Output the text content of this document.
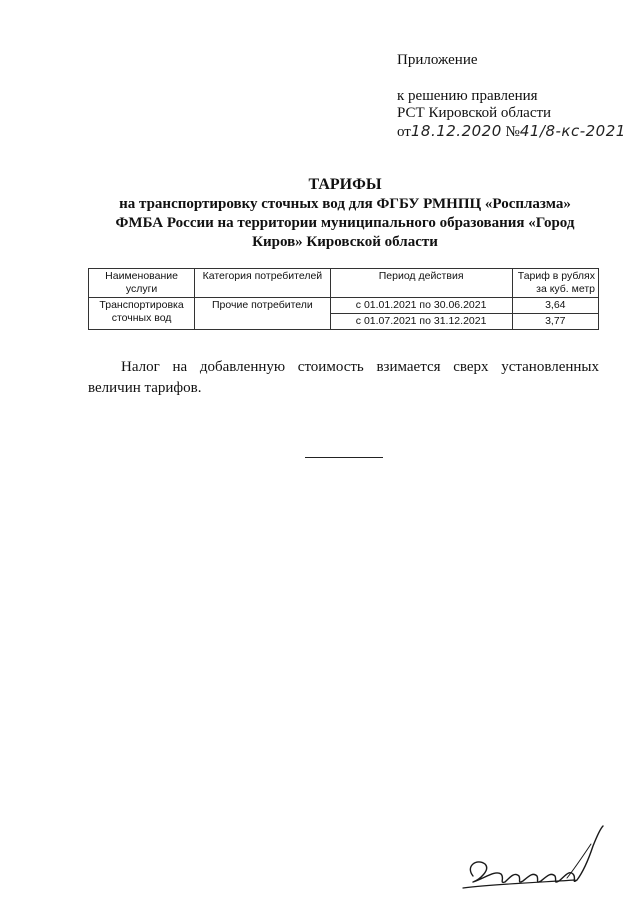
Приложение
к решению правления
РСТ Кировской области
от18.12.2020 №41/8-кс-2021
ТАРИФЫ
на транспортировку сточных вод для ФГБУ РМНПЦ «Росплазма»
ФМБА России на территории муниципального образования «Город
Киров» Кировской области
Наименование услуги	Категория потребителей	Период действия	Тариф в рублях за куб. метр
Транспортировка сточных вод	Прочие потребители	с 01.01.2021 по 30.06.2021	3,64
		с 01.07.2021 по 31.12.2021	3,77
Налог на добавленную стоимость взимается сверх установленных величин тарифов.
